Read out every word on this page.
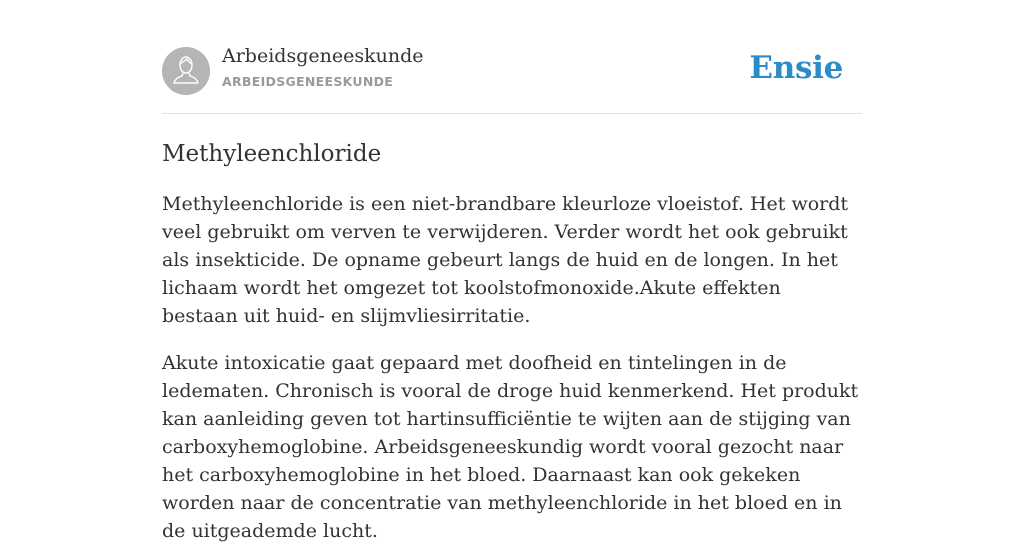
Arbeidsgeneeskunde
ARBEIDSGENEESKUNDE	Ensie
Methyleenchloride

Methyleenchloride is een niet-brandbare kleurloze vloeistof. Het wordt veel gebruikt om verven te verwijderen. Verder wordt het ook gebruikt als insekticide. De opname gebeurt langs de huid en de longen. In het lichaam wordt het omgezet tot koolstofmonoxide.Akute effekten bestaan uit huid- en slijmvliesirritatie.

Akute intoxicatie gaat gepaard met doofheid en tintelingen in de ledematen. Chronisch is vooral de droge huid kenmerkend. Het produkt kan aanleiding geven tot hartinsufficiëntie te wijten aan de stijging van carboxyhemoglobine. Arbeidsgeneeskundig wordt vooral gezocht naar het carboxyhemoglobine in het bloed. Daarnaast kan ook gekeken worden naar de concentratie van methyleenchloride in het bloed en in de uitgeademde lucht.
